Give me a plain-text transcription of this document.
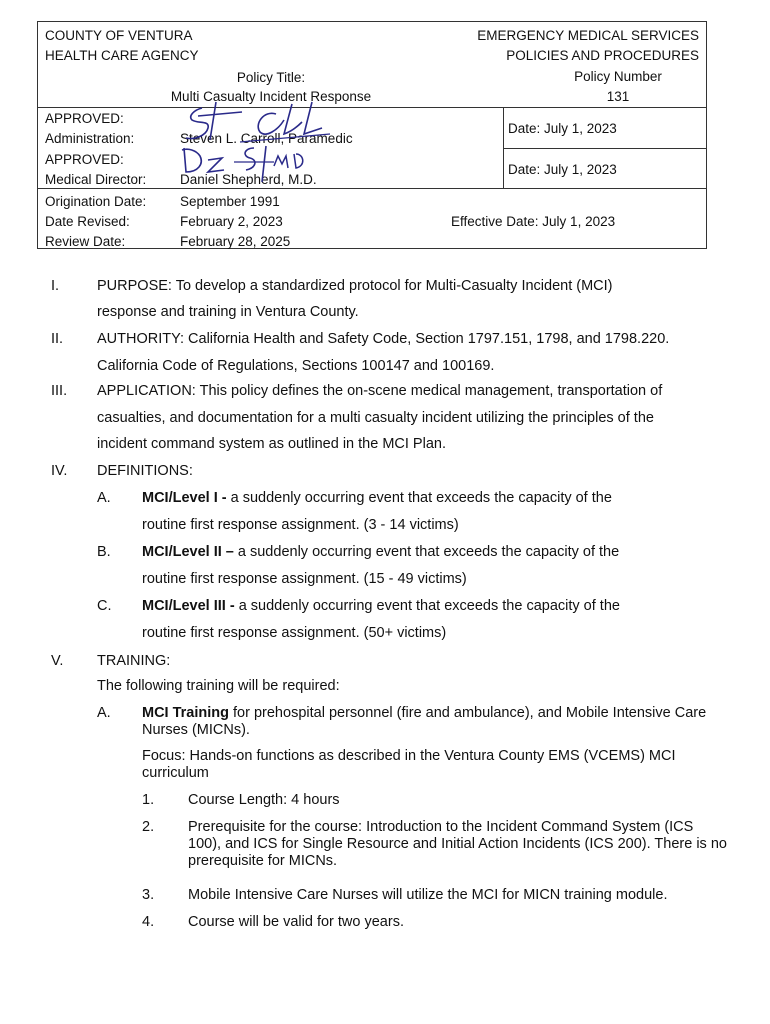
COUNTY OF VENTURA
HEALTH CARE AGENCY
EMERGENCY MEDICAL SERVICES
POLICIES AND PROCEDURES
Policy Title:
Multi Casualty Incident Response
Policy Number
131
APPROVED:
Administration:	Steven L. Carroll, Paramedic
Date: July 1, 2023
APPROVED:
Medical Director: Daniel Shepherd, M.D.
Date: July 1, 2023
Origination Date: September 1991
Date Revised:	February 2, 2023
Review Date:	February 28, 2025
Effective Date: July 1, 2023
I.	PURPOSE: To develop a standardized protocol for Multi-Casualty Incident (MCI)
response and training in Ventura County.
II. AUTHORITY: California Health and Safety Code, Section 1797.151, 1798, and 1798.220.
California Code of Regulations, Sections 100147 and 100169.
III. APPLICATION: This policy defines the on-scene medical management, transportation of
casualties, and documentation for a multi casualty incident utilizing the principles of the
incident command system as outlined in the MCI Plan.
IV. DEFINITIONS:
A. MCI/Level I - a suddenly occurring event that exceeds the capacity of the
routine first response assignment. (3 - 14 victims)
B. MCI/Level II – a suddenly occurring event that exceeds the capacity of the
routine first response assignment. (15 - 49 victims)
C. MCI/Level III - a suddenly occurring event that exceeds the capacity of the
routine first response assignment. (50+ victims)
V. TRAINING:
The following training will be required:
A. MCI Training for prehospital personnel (fire and ambulance), and Mobile Intensive Care Nurses (MICNs).
Focus: Hands-on functions as described in the Ventura County EMS (VCEMS) MCI curriculum
1. Course Length: 4 hours
2. Prerequisite for the course: Introduction to the Incident Command System (ICS 100), and ICS for Single Resource and Initial Action Incidents (ICS 200). There is no prerequisite for MICNs.
3. Mobile Intensive Care Nurses will utilize the MCI for MICN training module.
4. Course will be valid for two years.
